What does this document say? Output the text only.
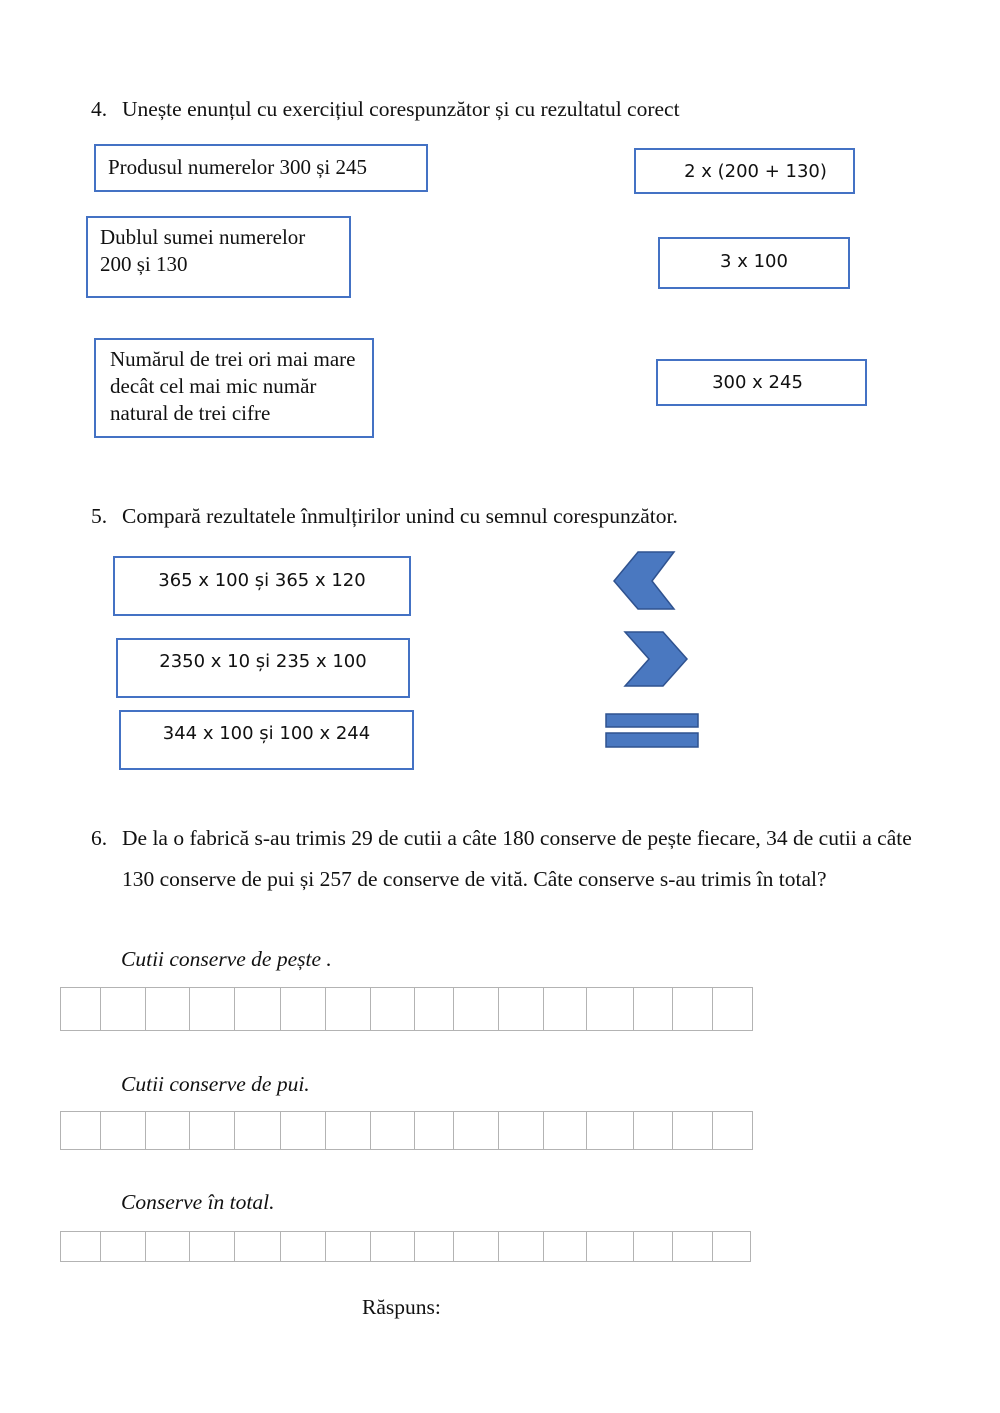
4. Unește enunțul cu exercițiul corespunzător și cu rezultatul corect
Produsul numerelor 300 și 245
Dublul sumei numerelor 200 și 130
Numărul de trei ori mai mare decât cel mai mic număr natural de trei cifre
2 x (200 + 130)
3 x 100
300 x 245
5. Compară rezultatele înmulțirilor unind cu semnul corespunzător.
365 x 100 și 365 x 120
2350 x 10 și 235 x 100
344 x 100 și 100 x 244
6. De la o fabrică s-au trimis 29 de cutii a câte 180 conserve de pește fiecare, 34 de cutii a câte 130 conserve de pui și 257 de conserve de vită. Câte conserve s-au trimis în total?
Cutii conserve de pește .
Cutii conserve de pui.
Conserve în total.
Răspuns:
